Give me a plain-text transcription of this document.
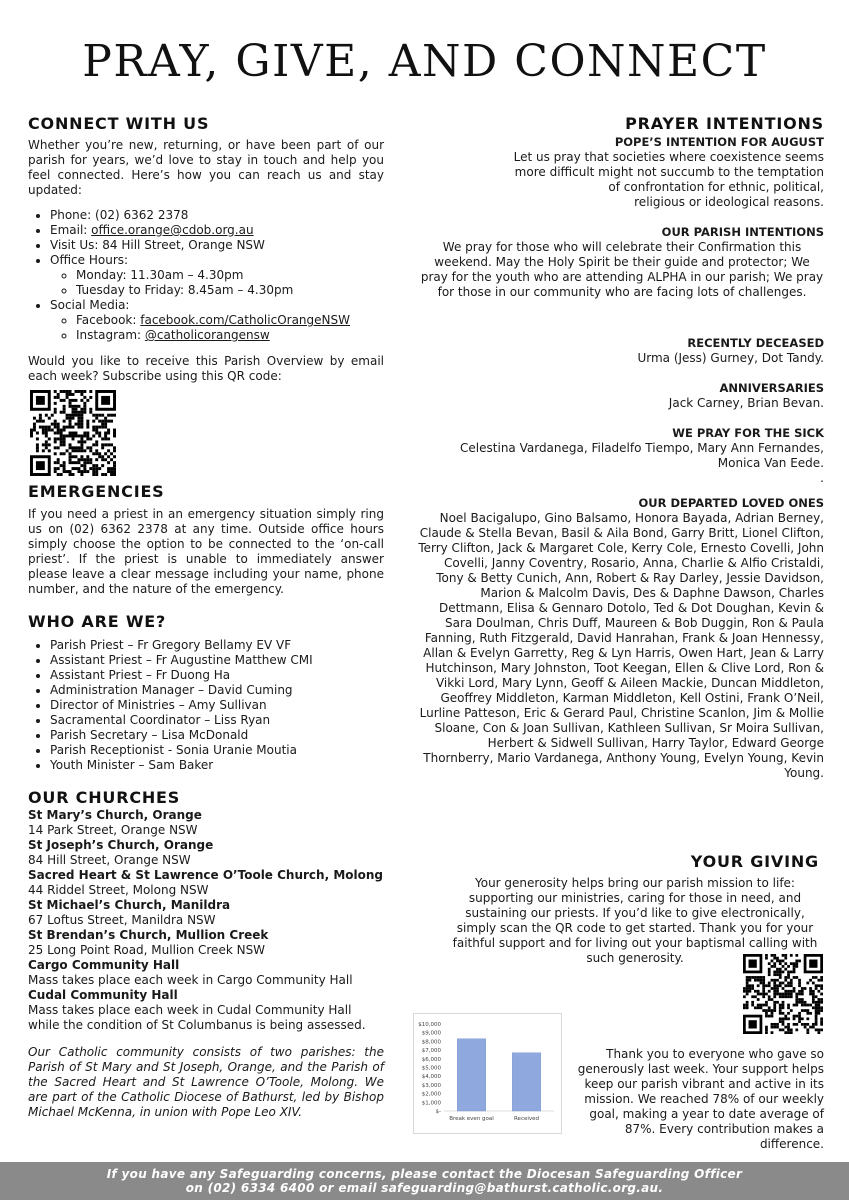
PRAY, GIVE, AND CONNECT
CONNECT WITH US

Whether you’re new, returning, or have been part of our parish for years, we’d love to stay in touch and help you feel connected. Here’s how you can reach us and stay updated:

• Phone: (02) 6362 2378
• Email: office.orange@cdob.org.au
• Visit Us: 84 Hill Street, Orange NSW
• Office Hours:
◦ Monday: 11.30am – 4.30pm
◦ Tuesday to Friday: 8.45am – 4.30pm
• Social Media:
◦ Facebook: facebook.com/CatholicOrangeNSW
◦ Instagram: @catholicorangensw

Would you like to receive this Parish Overview by email each week? Subscribe using this QR code:

EMERGENCIES

If you need a priest in an emergency situation simply ring us on (02) 6362 2378 at any time. Outside office hours simply choose the option to be connected to the ‘on-call priest’. If the priest is unable to immediately answer please leave a clear message including your name, phone number, and the nature of the emergency.

WHO ARE WE?
• Parish Priest – Fr Gregory Bellamy EV VF
• Assistant Priest – Fr Augustine Matthew CMI
• Assistant Priest – Fr Duong Ha
• Administration Manager – David Cuming
• Director of Ministries – Amy Sullivan
• Sacramental Coordinator – Liss Ryan
• Parish Secretary – Lisa McDonald
• Parish Receptionist - Sonia Uranie Moutia
• Youth Minister – Sam Baker
OUR CHURCHES
St Mary’s Church, Orange
14 Park Street, Orange NSW
St Joseph’s Church, Orange
84 Hill Street, Orange NSW
Sacred Heart & St Lawrence O’Toole Church, Molong
44 Riddel Street, Molong NSW
St Michael’s Church, Manildra
67 Loftus Street, Manildra NSW
St Brendan’s Church, Mullion Creek
25 Long Point Road, Mullion Creek NSW
Cargo Community Hall
Mass takes place each week in Cargo Community Hall
Cudal Community Hall
Mass takes place each week in Cudal Community Hall while the condition of St Columbanus is being assessed.

Our Catholic community consists of two parishes: the Parish of St Mary and St Joseph, Orange, and the Parish of the Sacred Heart and St Lawrence O’Toole, Molong. We are part of the Catholic Diocese of Bathurst, led by Bishop Michael McKenna, in union with Pope Leo XIV.

PRAYER INTENTIONS
POPE’S INTENTION FOR AUGUST
Let us pray that societies where coexistence seems
more difficult might not succumb to the temptation
of confrontation for ethnic, political,
religious or ideological reasons.
OUR PARISH INTENTIONS

We pray for those who will celebrate their Confirmation this weekend. May the Holy Spirit be their guide and protector; We pray for the youth who are attending ALPHA in our parish; We pray for those in our community who are facing lots of challenges.

RECENTLY DECEASED
Urma (Jess) Gurney, Dot Tandy.
ANNIVERSARIES
Jack Carney, Brian Bevan.
WE PRAY FOR THE SICK

Celestina Vardanega, Filadelfo Tiempo, Mary Ann Fernandes, Monica Van Eede.

.
OUR DEPARTED LOVED ONES

Noel Bacigalupo, Gino Balsamo, Honora Bayada, Adrian Berney, Claude & Stella Bevan, Basil & Aila Bond, Garry Britt, Lionel Clifton, Terry Clifton, Jack & Margaret Cole, Kerry Cole, Ernesto Covelli, John Covelli, Janny Coventry, Rosario, Anna, Charlie & Alfio Cristaldi, Tony & Betty Cunich, Ann, Robert & Ray Darley, Jessie Davidson, Marion & Malcolm Davis, Des & Daphne Dawson, Charles Dettmann, Elisa & Gennaro Dotolo, Ted & Dot Doughan, Kevin & Sara Doulman, Chris Duff, Maureen & Bob Duggin, Ron & Paula Fanning, Ruth Fitzgerald, David Hanrahan, Frank & Joan Hennessy, Allan & Evelyn Garretty, Reg & Lyn Harris, Owen Hart, Jean & Larry Hutchinson, Mary Johnston, Toot Keegan, Ellen & Clive Lord, Ron & Vikki Lord, Mary Lynn, Geoff & Aileen Mackie, Duncan Middleton, Geoffrey Middleton, Karman Middleton, Kell Ostini, Frank O’Neil, Lurline Patteson, Eric & Gerard Paul, Christine Scanlon, Jim & Mollie Sloane, Con & Joan Sullivan, Kathleen Sullivan, Sr Moira Sullivan, Herbert & Sidwell Sullivan, Harry Taylor, Edward George Thornberry, Mario Vardanega, Anthony Young, Evelyn Young, Kevin Young.

YOUR GIVING

Your generosity helps bring our parish mission to life: supporting our ministries, caring for those in need, and sustaining our priests. If you’d like to give electronically, simply scan the QR code to get started. Thank you for your faithful support and for living out your baptismal calling with such generosity.

$-
$1,000
$2,000
$3,000
$4,000
$5,000
$6,000
$7,000
$8,000
$9,000
$10,000
Break even goal	Received

Thank you to everyone who gave so generously last week. Your support helps keep our parish vibrant and active in its mission. We reached 78% of our weekly goal, making a year to date average of 87%. Every contribution makes a difference.

If you have any Safeguarding concerns, please contact the Diocesan Safeguarding Officer
on (02) 6334 6400 or email safeguarding@bathurst.catholic.org.au.
